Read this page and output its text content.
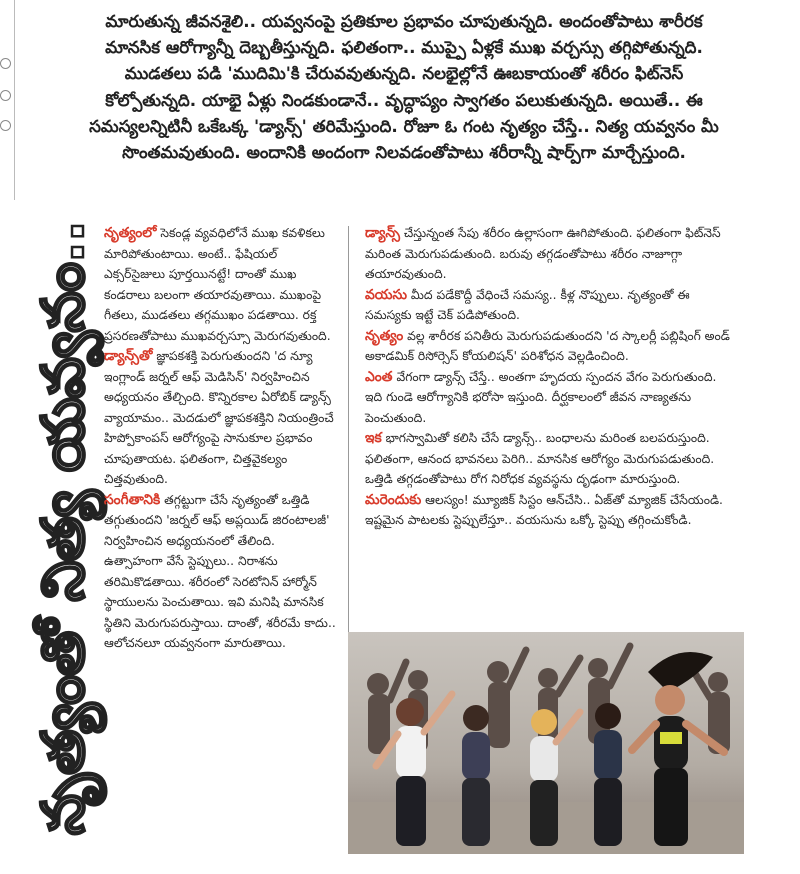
మారుతున్న జీవనశైలి.. యవ్వనంపై ప్రతికూల ప్రభావం చూపుతున్నది. అందంతోపాటు శారీరక

మానసిక ఆరోగ్యాన్నీ దెబ్బతీస్తున్నది. ఫలితంగా.. ముప్పై ఏళ్లకే ముఖ వర్చస్సు తగ్గిపోతున్నది.

ముడతలు పడి 'ముదిమి'కి చేరువవుతున్నది. నలభైల్లోనే ఊబకాయంతో శరీరం ఫిట్‌నెస్

కోల్పోతున్నది. యాభై ఏళ్లు నిండకుండానే.. వృద్ధాప్యం స్వాగతం పలుకుతున్నది. అయితే.. ఈ

సమస్యలన్నిటినీ ఒకేఒక్క 'డ్యాన్స్' తరిమేస్తుంది. రోజూ ఓ గంట నృత్యం చేస్తే.. నిత్య యవ్వనం మీ

సొంతమవుతుంది. అందానికి అందంగా నిలవడంతోపాటు శరీరాన్నీ షార్ప్‌గా మార్చేస్తుంది.

నృత్యంతో నిత్య యవ్వనం.. నృత్యంలో సెకండ్ల వ్యవధిలోనే ముఖ కవళికలు మారిపోతుంటాయి. అంటే.. ఫేషియల్ ఎక్సర్‌సైజులు పూర్తయినట్టే! దాంతో ముఖ కండరాలు బలంగా తయారవుతాయి. ముఖంపై గీతలు, ముడతలు తగ్గముఖం పడతాయి. రక్త ప్రసరణతోపాటు ముఖవర్చస్సూ మెరుగవుతుంది.

డ్యాన్స్‌తో జ్ఞాపకశక్తి పెరుగుతుందని 'ద న్యూ ఇంగ్లాండ్ జర్నల్ ఆఫ్ మెడిసిన్' నిర్వహించిన అధ్యయనం తేల్చింది. కొన్నిరకాల ఏరోబిక్ డ్యాన్స్ వ్యాయామం.. మెదడులో జ్ఞాపకశక్తిని నియంత్రించే హిప్పోకాంపస్ ఆరోగ్యంపై సానుకూల ప్రభావం చూపుతాయట. ఫలితంగా, చిత్తవైకల్యం చిత్తవుతుంది.

సంగీతానికి తగ్గట్టుగా చేసే నృత్యంతో ఒత్తిడి తగ్గుతుందని 'జర్నల్ ఆఫ్ అప్లయిడ్ జిరంటాలజీ' నిర్వహించిన అధ్యయనంలో తేలింది. ఉత్సాహంగా వేసే స్టెప్పులు.. నిరాశను తరిమికొడతాయి. శరీరంలో సెరటోనిన్ హార్మోన్ స్థాయులను పెంచుతాయి. ఇవి మనిషి మానసిక స్థితిని మెరుగుపరుస్తాయి. దాంతో, శరీరమే కాదు.. ఆలోచనలూ యవ్వనంగా మారుతాయి.

డ్యాన్స్ చేస్తున్నంత సేపు శరీరం ఉల్లాసంగా ఊగిపోతుంది. ఫలితంగా ఫిట్‌నెస్ మరింత మెరుగుపడుతుంది. బరువు తగ్గడంతోపాటు శరీరం నాజూగ్గా తయారవుతుంది.

వయసు మీద పడేకొద్దీ వేధించే సమస్య.. కీళ్ల నొప్పులు. నృత్యంతో ఈ సమస్యకు ఇట్టే చెక్ పడిపోతుంది.

నృత్యం వల్ల శారీరక పనితీరు మెరుగుపడుతుందని 'ద స్కాలర్లీ పబ్లిషింగ్ అండ్ అకాడమిక్ రిసోర్సెస్ కోయలిషన్' పరిశోధన వెల్లడించింది.

ఎంత వేగంగా డ్యాన్స్ చేస్తే.. అంతగా హృదయ స్పందన వేగం పెరుగుతుంది. ఇది గుండె ఆరోగ్యానికి భరోసా ఇస్తుంది. దీర్ఘకాలంలో జీవన నాణ్యతను పెంచుతుంది.

ఇక భాగస్వామితో కలిసి చేసే డ్యాన్స్.. బంధాలను మరింత బలపరుస్తుంది. ఫలితంగా, ఆనంద భావనలు పెరిగి.. మానసిక ఆరోగ్యం మెరుగుపడుతుంది. ఒత్తిడి తగ్గడంతోపాటు రోగ నిరోధక వ్యవస్థను దృఢంగా మారుస్తుంది.

మరెందుకు ఆలస్యం! మ్యూజిక్ సిస్టం ఆన్‌చేసి.. ఏజ్‌తో మ్యాజిక్ చేసేయండి. ఇష్టమైన పాటలకు స్టెప్పులేస్తూ.. వయసును ఒక్కో స్టెప్పు తగ్గించుకోండి.
